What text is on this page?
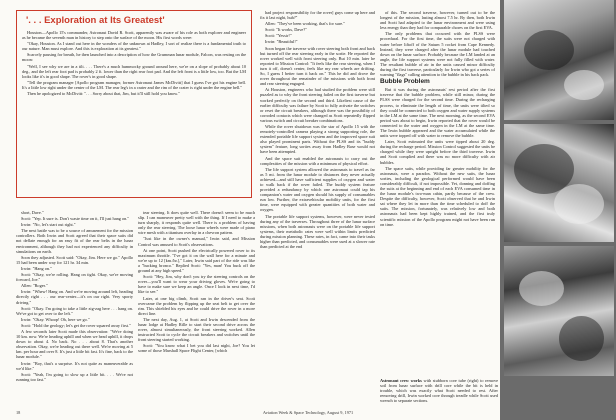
'. . . Exploration at Its Greatest'

Houston—Apollo 15's commander, Astronaut David R. Scott, apparently was aware of his role as both explorer and engineer as he became the seventh man in history to step onto the surface of the moon. His first words were:

"Okay, Houston. As I stand out here in the wonders of the unknown at Hadley, I sort of realize there is a fundamental truth to our nature. Man must explore. And this is exploration at its greatest."

Scarcely pausing for breath, he then launched into a description of how the Grumman lunar module, Falcon, was resting on the moon:

"Well, I see why we are in a tilt. . . . There's a much hummocky ground around here, we're on a slope of probably about 10 deg., and the left rear foot pad is probably 2 ft. lower than the right rear foot pad. And the left front is a little low, too. But the LM looks like it's in good shape. The rover's in good shape.

"Tell the program manager [Apollo program manager, former Astronaut James McDivitt] that I guess I've got his engine bell. It's a little low right under the center of the LM. The rear leg's in a crater and the rim of the crater is right under the engine bell."

Then he apologized to McDivitt: ". . . Sorry about that, Jim, but it'll still hold you know."

short, Dave."

Scott: "Yep. It sure is. Don't waste time on it, I'll just hang on."

Irwin: "No, let's start out right."

The next battle was to be a source of amusement for the mission controllers. Both Irwin and Scott agreed that their space suits did not deflate enough for an easy fit of the rear belts in the lunar environment, although they had not experienced any difficulty in simulations on earth.

Soon they adjusted. Scott said: "Okay, Jim. Here we go." Apollo 15 had been under way for 121 hr. 34 min.

Irwin: "Hang on."

Scott: "Okay, we're rolling. Hang on tight. Okay, we're moving forward, Joe."

Allen: "Roger."

Irwin: "Whew! Hang on. And we're moving around left, heading directly right . . . our rear-center—it's on our right. Very sporty driving."

Scott: "Okay. I'm going to take a little zig-zag here . . . hang on. We've got to get over to the left."

Irwin: "Okay. Whoop! Oh, here we go."

Scott: "Hold the geology; let's get the rover squared away first."

A few seconds later Scott made this observation: "We're doing 10 km. now. We're heading uphill and when we head uphill, it drops down to about 4. No back. No . . . about 8. That's another observation. Okay, we're heading out there well. We're moving at 5 km. per hour and over 8. It's just a little bit fast. It's fine, back to the lunar module."

Irwin: "Boy, that's a surprise. It's not quite as maneuverable as we'd like."

Scott: "Yeah, I'm going to slow up a little bit. . . . We're not running too fast."

tear steering. It does quite well. There doesn't seem to be much slip. I can maneuver pretty well with the thing. If I need to make a turn sharply, it responds quite well. There is a problem of having only the rear steering. The loose lunar wheels were made of piano wire mesh with a titanium overlay in a chevron pattern.

"Just like in the owner's manual," Irwin said, and Mission Control was amused to Scott's observations.

At one point, Scott pushed the electrically powered rover to its maximum throttle. "I've got it on the wall here for a minute and we're up to 12 [km./hr.]," Later, Irwin said part of the ride was like a "bucking bronco." Replied Scott: "Yes, man! You buck off the ground at any high speed."

Scott: "Hey, Jim, why don't you try the steering controls on the rover—you'll want to wear your driving gloves. We're going to have to make sure we keep an angle. Once I look in next time, I'd like to see."

Later, at one big climb, Scott ran in the driver's seat. Scott overcame the problem by flipping up the seat belt to get over the rim. This shielded his eyes and he could drive the rover in a more direct line.

The next day, Aug. 1, at Scott and Irwin descended from the lunar lodge at Hadley Rille to start their second drive across the rover, almost simultaneously, the front steering worked. Allen instructed Scott to cycle the circuit breakers and switches until the front steering started working.

Scott: "You know what I bet you did last night, Joe? You let some of those Marshall Space Flight Center, [which

had project responsibility for the rover] guys come up here and fix it last night, huh?"

Allen: "They've been working, that's for sure."

Scott: "It works, Dave?"

Scott: "Yessir!"

Irwin: "Beautiful!"

Soon began the traverse with rover steering both front and back but turned off the rear steering early in the sortie. He reported the rover worked well with front steering only. But 10 min. later he reported to Mission Control: "It feels like the rear steering, when I turn it off, doesn't center, feels like my rear wheels are drifting. So, I guess I better turn it back on." This he did and drove the rover throughout the remainder of the missions with both front and rear steering engaged.

At Houston, engineers who had studied the problem were still puzzled as to why the front steering failed on the first traverse but worked perfectly on the second and third. Likeliest cause of the earlier difficulty was failure by Scott to fully activate the switches or reset the circuit breakers, although there was the possibility of corroded contacts which were changed as Scott repeatedly flipped various switch and circuit breaker combinations.

While the rover shutdown was the star of Apollo 15 with the remotely-controlled camera playing a strong supporting role, the extended portable life support system and the improved space suit also played prominent parts. Without the PLSS and its "buddy system" feature, long sorties away from Hadley Base would not have been attempted.

And the space suit enabled the astronauts to carry out the complexities of the mission with a minimum of physical effort.

The life support system allowed the astronauts to travel as far as 5 mi. from the lunar module to distances they never actually achieved—and still have sufficient supplies of oxygen and water to walk back if the rover failed. The buddy system feature provided a redundancy by which one astronaut could tap his companion's water and oxygen should his supply of consumables run low. Further, the extravehicular mobility units, for the first time, were equipped with greater quantities of both water and oxygen.

The portable life support systems, however, were never tested during any of the traverses. Throughout three of the lunar surface missions, when both astronauts were on the portable life support systems, their metabolic rates were well within limits predicted during mission planning. These rates, in fact, came into their tasks higher than predicted, and consumables were used at a slower rate than predicted at the end

of this. The second traverse, however, turned out to be the longest of the mission, lasting almost 7.5 hr. By then, both Irwin and Scott had adapted to the lunar environment and were using less energy than they had for comparable chores on the first EVA.

The only problems that occurred with the PLSS were procedural. For the first time, the suits were not charged with water before liftoff of the Saturn 5 rocket from Cape Kennedy. Instead, they were charged after the lunar module had touched down on the lunar surface. Probably because the LM landed at an angle, the life support systems were not fully filled with water. The resultant bubble of air in the units caused minor difficulty during the first traverse, particularly for Irwin who got a series of warning "flags" calling attention to the bubble in his back pack.

Bubble Problem

But it was during the astronauts' rest period after the first traverse that the bubble problem, while still minor, during the PLSS were charged for the second time. During the recharging process, to eliminate the length of time, the units were tilted so they could be connected to both oxygen and water supply systems in the LM at the same time. The next morning, as the second EVA period was about to begin, Irwin reported that the rover would be connected to the water and oxygen in the LM at the same time. The Irwin bubble appeared and the water accumulated while the units were topped off with water to remove the bubble.

Later, Scott estimated the units were tipped about 20 deg. during the recharge period. Mission Control suggested the units be charged while they were upright before the third traverse. Irwin and Scott complied and there was no more difficulty with air bubbles.

The space suits, while providing far greater mobility for the astronauts, were a paradox. Without the new suits, the lunar sorties, including the geological performed would have been considerably difficult, if not impossible. Yet, donning and doffing the suits at the beginning and end of each EVA consumed time in the lunar module's two-man cabin, partly because of the crew. Despite the difficulty, however, Scott observed that he and Irwin sat where they let in more than the time scheduled to doff the suits. The mission, fortunately, was relatively low and both astronauts had been kept highly trained, and the first truly scientific mission of the Apollo program might not have been run on time.

Astronaut crew works with stubborn core tube (right) to remove soil from lunar surface with drill core while the bit is held in trouble, which was exactly what Scott needed to rest. After removing drill, Irwin worked core through treadle while Scott used wrench to separate sections.
18	Aviation Week & Space Technology, August 9, 1971
